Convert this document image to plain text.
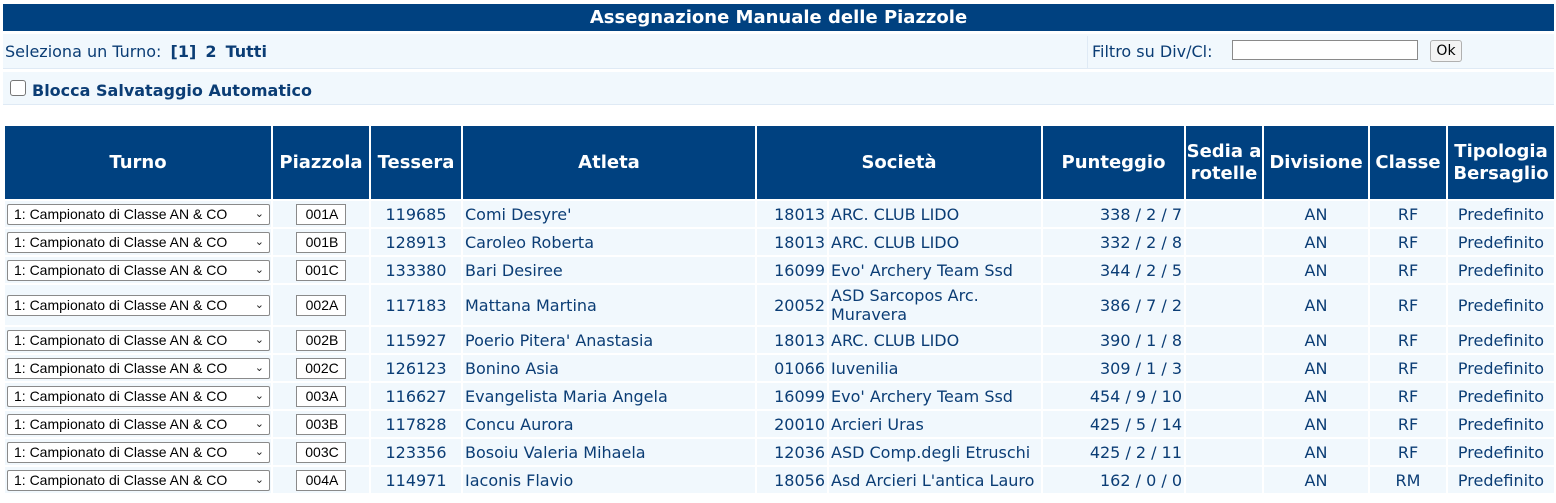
Assegnazione Manuale delle Piazzole
Seleziona un Turno: [1] 2 Tutti	Filtro su Div/Cl:	Ok
Blocca Salvataggio Automatico
Turno	Piazzola	Tessera	Atleta	Società		Punteggio	Sedia a rotelle	Divisione	Classe	Tipologia Bersaglio

1: Campionato di Classe AN & CO ⌄	001A	119685	Comi Desyre'	18013	ARC. CLUB LIDO	338 / 2 / 7		AN	RF	Predefinito

1: Campionato di Classe AN & CO ⌄	001B	128913	Caroleo Roberta	18013	ARC. CLUB LIDO	332 / 2 / 8		AN	RF	Predefinito

1: Campionato di Classe AN & CO ⌄	001C	133380	Bari Desiree	16099	Evo' Archery Team Ssd	344 / 2 / 5		AN	RF	Predefinito

1: Campionato di Classe AN & CO ⌄	002A	117183	Mattana Martina	20052	ASD Sarcopos Arc. Muravera	386 / 7 / 2		AN	RF	Predefinito

1: Campionato di Classe AN & CO ⌄	002B	115927	Poerio Pitera' Anastasia	18013	ARC. CLUB LIDO	390 / 1 / 8		AN	RF	Predefinito

1: Campionato di Classe AN & CO ⌄	002C	126123	Bonino Asia	01066	Iuvenilia	309 / 1 / 3		AN	RF	Predefinito

1: Campionato di Classe AN & CO ⌄	003A	116627	Evangelista Maria Angela	16099	Evo' Archery Team Ssd	454 / 9 / 10		AN	RF	Predefinito

1: Campionato di Classe AN & CO ⌄	003B	117828	Concu Aurora	20010	Arcieri Uras	425 / 5 / 14		AN	RF	Predefinito

1: Campionato di Classe AN & CO ⌄	003C	123356	Bosoiu Valeria Mihaela	12036	ASD Comp.degli Etruschi	425 / 2 / 11		AN	RF	Predefinito

1: Campionato di Classe AN & CO ⌄	004A	114971	Iaconis Flavio	18056	Asd Arcieri L'antica Lauro	162 / 0 / 0		AN	RM	Predefinito
